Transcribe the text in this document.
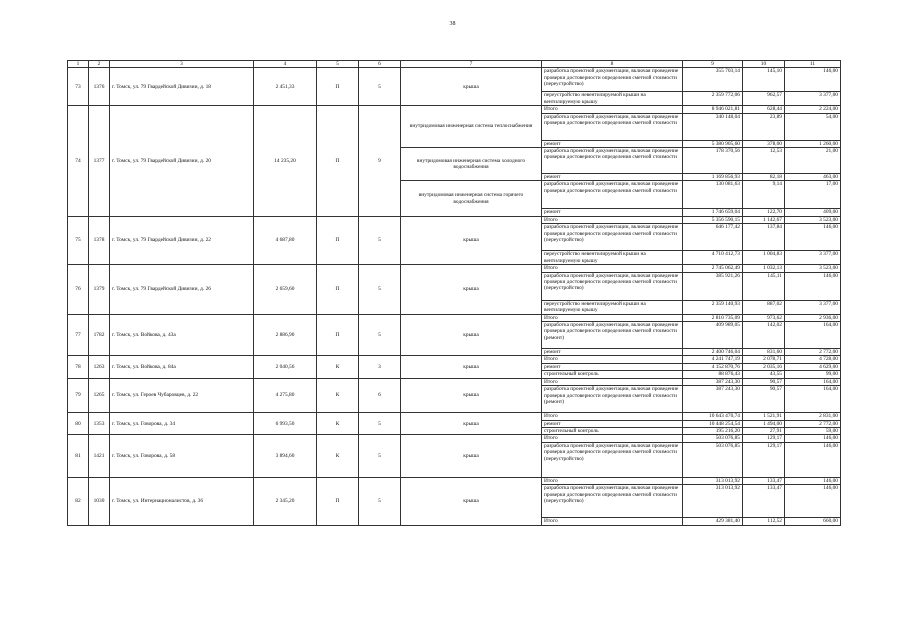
38
1	2	3	4	5	6	7	8	9	10	11
73	1376	г. Томск, ул. 79 Гвардейской Дивизии, д. 18	2 451,33	П	5	крыша	разработка проектной документации, включая проведение проверки достоверности определения сметной стоимости (переустройство)	355 703,14	145,10	146,00
							переустройство невентилируемой крыши на вентилируемую крышу	2 359 772,06	962,57	3 377,00
74	1377	г. Томск, ул. 79 Гвардейской Дивизии, д. 20	14 235,20	П	9	внутридомовая инженерная система теплоснабжения	Итого	8 946 021,81	628,44	2 224,00
							разработка проектной документации, включая проведение проверки достоверности определения сметной стоимости	340 148,04	23,89	54,00
							ремонт	5 380 905,60	378,00	1 260,00
						внутридомовая инженерная система холодного водоснабжения	разработка проектной документации, включая проведение проверки достоверности определения сметной стоимости	178 370,56	12,53	21,00
							ремонт	1 169 856,93	82,18	463,00
						внутридомовая инженерная система горячего водоснабжения	разработка проектной документации, включая проведение проверки достоверности определения сметной стоимости	130 081,63	9,14	17,00
							ремонт	1 746 659,04	122,70	409,00
75	1378	г. Томск, ул. 79 Гвардейской Дивизии, д. 22	4 687,80	П	5	крыша	Итого	5 356 590,15	1 142,67	3 523,00
							разработка проектной документации, включая проведение проверки достоверности определения сметной стоимости (переустройство)	646 177,42	137,84	146,00
							переустройство невентилируемой крыши на вентилируемую крышу	4 710 412,73	1 004,83	3 377,00
76	1379	г. Томск, ул. 79 Гвардейской Дивизии, д. 26	2 659,60	П	5	крыша	Итого	2 745 062,49	1 032,13	3 523,00
							разработка проектной документации, включая проведение проверки достоверности определения сметной стоимости (переустройство)	385 921,26	145,11	146,00
							переустройство невентилируемой крыши на вентилируемую крышу	2 359 140,93	887,02	3 377,00
77	1782	г. Томск, ул. Войкова, д. 43а	2 886,90	П	5	крыша	Итого	2 810 735,09	973,62	2 936,00
							разработка проектной документации, включая проведение проверки достоверности определения сметной стоимости (ремонт)	409 989,05	142,02	164,00
							ремонт	2 400 746,04	831,60	2 772,00
78	1263	г. Томск, ул. Войкова, д. 84а	2 040,56	К	3	крыша	Итого	4 241 747,19	2 078,71	4 728,00
							ремонт	4 152 870,76	2 035,16	4 629,00
							строительный контроль	88 876,43	43,55	99,00
79	1265	г. Томск, ул. Героев Чубаровцев, д. 22	4 275,80	К	6	крыша	Итого	387 243,30	90,57	164,00
							разработка проектной документации, включая проведение проверки достоверности определения сметной стоимости (ремонт)	387 243,30	90,57	164,00
80	1353	г. Томск, ул. Говорова, д. 34	6 993,50	К	5	крыша	Итого	10 643 470,74	1 521,91	2 831,00
							ремонт	10 448 254,54	1 494,00	2 772,00
							строительный контроль	195 216,20	27,91	59,00
81	1421	г. Томск, ул. Говорова, д. 58	3 894,60	К	5	крыша	Итого	503 076,85	129,17	146,00
							разработка проектной документации, включая проведение проверки достоверности определения сметной стоимости (переустройство)	503 076,85	129,17	146,00
82	1030	г. Томск, ул. Интернационалистов, д. 36	2 345,20	П	5	крыша	Итого	313 013,92	133,47	146,00
							разработка проектной документации, включая проведение проверки достоверности определения сметной стоимости (переустройство)	313 013,92	133,47	146,00
							Итого	429 381,40	112,52	660,00
